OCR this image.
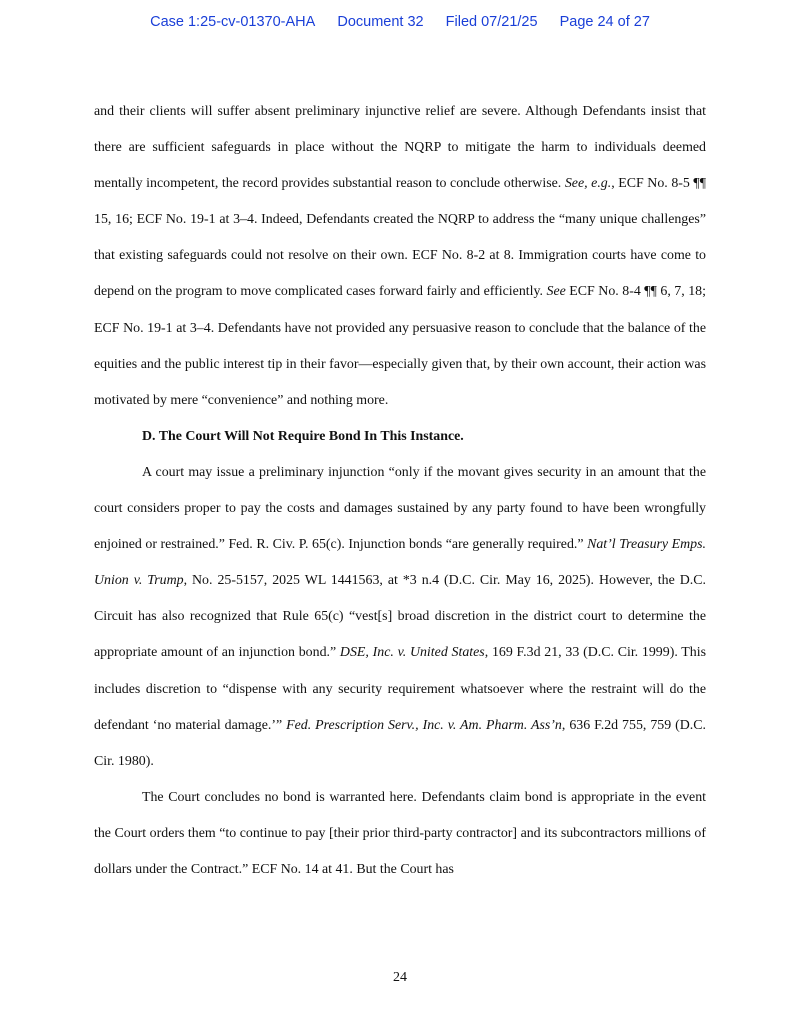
Case 1:25-cv-01370-AHA Document 32 Filed 07/21/25 Page 24 of 27

and their clients will suffer absent preliminary injunctive relief are severe. Although Defendants insist that there are sufficient safeguards in place without the NQRP to mitigate the harm to individuals deemed mentally incompetent, the record provides substantial reason to conclude otherwise. See, e.g., ECF No. 8-5 ¶¶ 15, 16; ECF No. 19-1 at 3–4. Indeed, Defendants created the NQRP to address the “many unique challenges” that existing safeguards could not resolve on their own. ECF No. 8-2 at 8. Immigration courts have come to depend on the program to move complicated cases forward fairly and efficiently. See ECF No. 8-4 ¶¶ 6, 7, 18; ECF No. 19-1 at 3–4. Defendants have not provided any persuasive reason to conclude that the balance of the equities and the public interest tip in their favor—especially given that, by their own account, their action was motivated by mere “convenience” and nothing more.

D. The Court Will Not Require Bond In This Instance.

A court may issue a preliminary injunction “only if the movant gives security in an amount that the court considers proper to pay the costs and damages sustained by any party found to have been wrongfully enjoined or restrained.” Fed. R. Civ. P. 65(c). Injunction bonds “are generally required.” Nat’l Treasury Emps. Union v. Trump, No. 25-5157, 2025 WL 1441563, at *3 n.4 (D.C. Cir. May 16, 2025). However, the D.C. Circuit has also recognized that Rule 65(c) “vest[s] broad discretion in the district court to determine the appropriate amount of an injunction bond.” DSE, Inc. v. United States, 169 F.3d 21, 33 (D.C. Cir. 1999). This includes discretion to “dispense with any security requirement whatsoever where the restraint will do the defendant ‘no material damage.’” Fed. Prescription Serv., Inc. v. Am. Pharm. Ass’n, 636 F.2d 755, 759 (D.C. Cir. 1980).

The Court concludes no bond is warranted here. Defendants claim bond is appropriate in the event the Court orders them “to continue to pay [their prior third-party contractor] and its subcontractors millions of dollars under the Contract.” ECF No. 14 at 41. But the Court has

24
